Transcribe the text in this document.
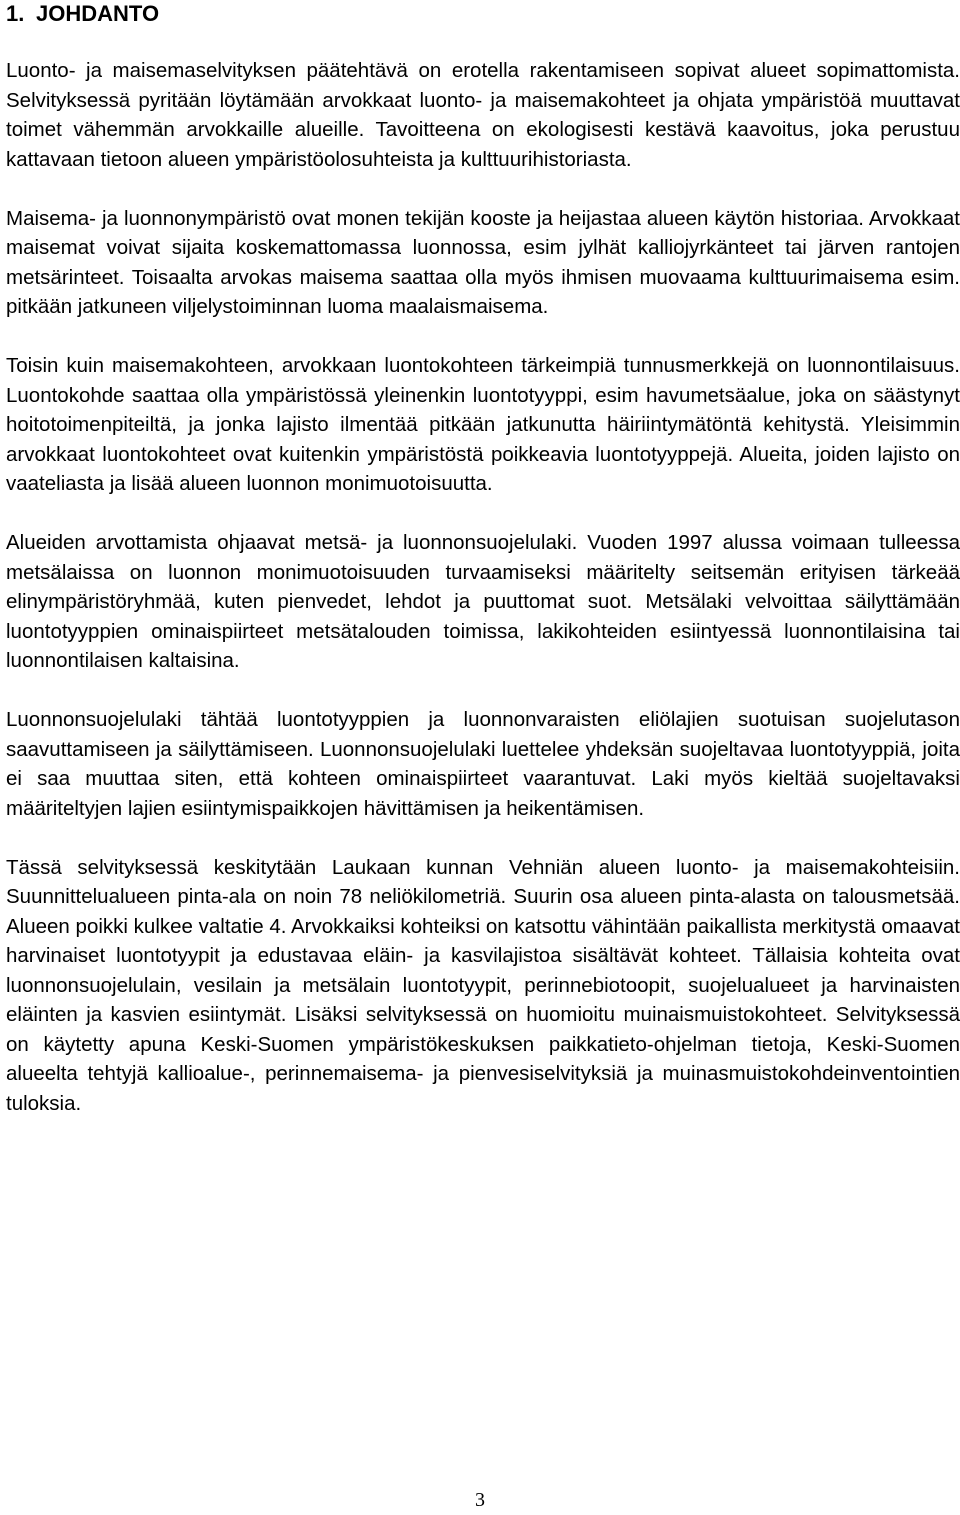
1. JOHDANTO

Luonto- ja maisemaselvityksen päätehtävä on erotella rakentamiseen sopivat alueet sopimattomista. Selvityksessä pyritään löytämään arvokkaat luonto- ja maisemakohteet ja ohjata ympäristöä muuttavat toimet vähemmän arvokkaille alueille. Tavoitteena on ekologisesti kestävä kaavoitus, joka perustuu kattavaan tietoon alueen ympäristöolosuhteista ja kulttuurihistoriasta.

Maisema- ja luonnonympäristö ovat monen tekijän kooste ja heijastaa alueen käytön historiaa. Arvokkaat maisemat voivat sijaita koskemattomassa luonnossa, esim jylhät kalliojyrkänteet tai järven rantojen metsärinteet. Toisaalta arvokas maisema saattaa olla myös ihmisen muovaama kulttuurimaisema esim. pitkään jatkuneen viljelystoiminnan luoma maalaismaisema.

Toisin kuin maisemakohteen, arvokkaan luontokohteen tärkeimpiä tunnusmerkkejä on luonnontilaisuus. Luontokohde saattaa olla ympäristössä yleinenkin luontotyyppi, esim havumetsäalue, joka on säästynyt hoitotoimenpiteiltä, ja jonka lajisto ilmentää pitkään jatkunutta häiriintymätöntä kehitystä. Yleisimmin arvokkaat luontokohteet ovat kuitenkin ympäristöstä poikkeavia luontotyyppejä. Alueita, joiden lajisto on vaateliasta ja lisää alueen luonnon monimuotoisuutta.

Alueiden arvottamista ohjaavat metsä- ja luonnonsuojelulaki. Vuoden 1997 alussa voimaan tulleessa metsälaissa on luonnon monimuotoisuuden turvaamiseksi määritelty seitsemän erityisen tärkeää elinympäristöryhmää, kuten pienvedet, lehdot ja puuttomat suot. Metsälaki velvoittaa säilyttämään luontotyyppien ominaispiirteet metsätalouden toimissa, lakikohteiden esiintyessä luonnontilaisina tai luonnontilaisen kaltaisina.

Luonnonsuojelulaki tähtää luontotyyppien ja luonnonvaraisten eliölajien suotuisan suojelutason saavuttamiseen ja säilyttämiseen. Luonnonsuojelulaki luettelee yhdeksän suojeltavaa luontotyyppiä, joita ei saa muuttaa siten, että kohteen ominaispiirteet vaarantuvat. Laki myös kieltää suojeltavaksi määriteltyjen lajien esiintymispaikkojen hävittämisen ja heikentämisen.

Tässä selvityksessä keskitytään Laukaan kunnan Vehniän alueen luonto- ja maisemakohteisiin. Suunnittelualueen pinta-ala on noin 78 neliökilometriä. Suurin osa alueen pinta-alasta on talousmetsää. Alueen poikki kulkee valtatie 4. Arvokkaiksi kohteiksi on katsottu vähintään paikallista merkitystä omaavat harvinaiset luontotyypit ja edustavaa eläin- ja kasvilajistoa sisältävät kohteet. Tällaisia kohteita ovat luonnonsuojelulain, vesilain ja metsälain luontotyypit, perinnebiotoopit, suojelualueet ja harvinaisten eläinten ja kasvien esiintymät. Lisäksi selvityksessä on huomioitu muinaismuistokohteet. Selvityksessä on käytetty apuna Keski-Suomen ympäristökeskuksen paikkatieto-ohjelman tietoja, Keski-Suomen alueelta tehtyjä kallioalue-, perinnemaisema- ja pienvesiselvityksiä ja muinasmuistokohdeinventointien tuloksia.

3
